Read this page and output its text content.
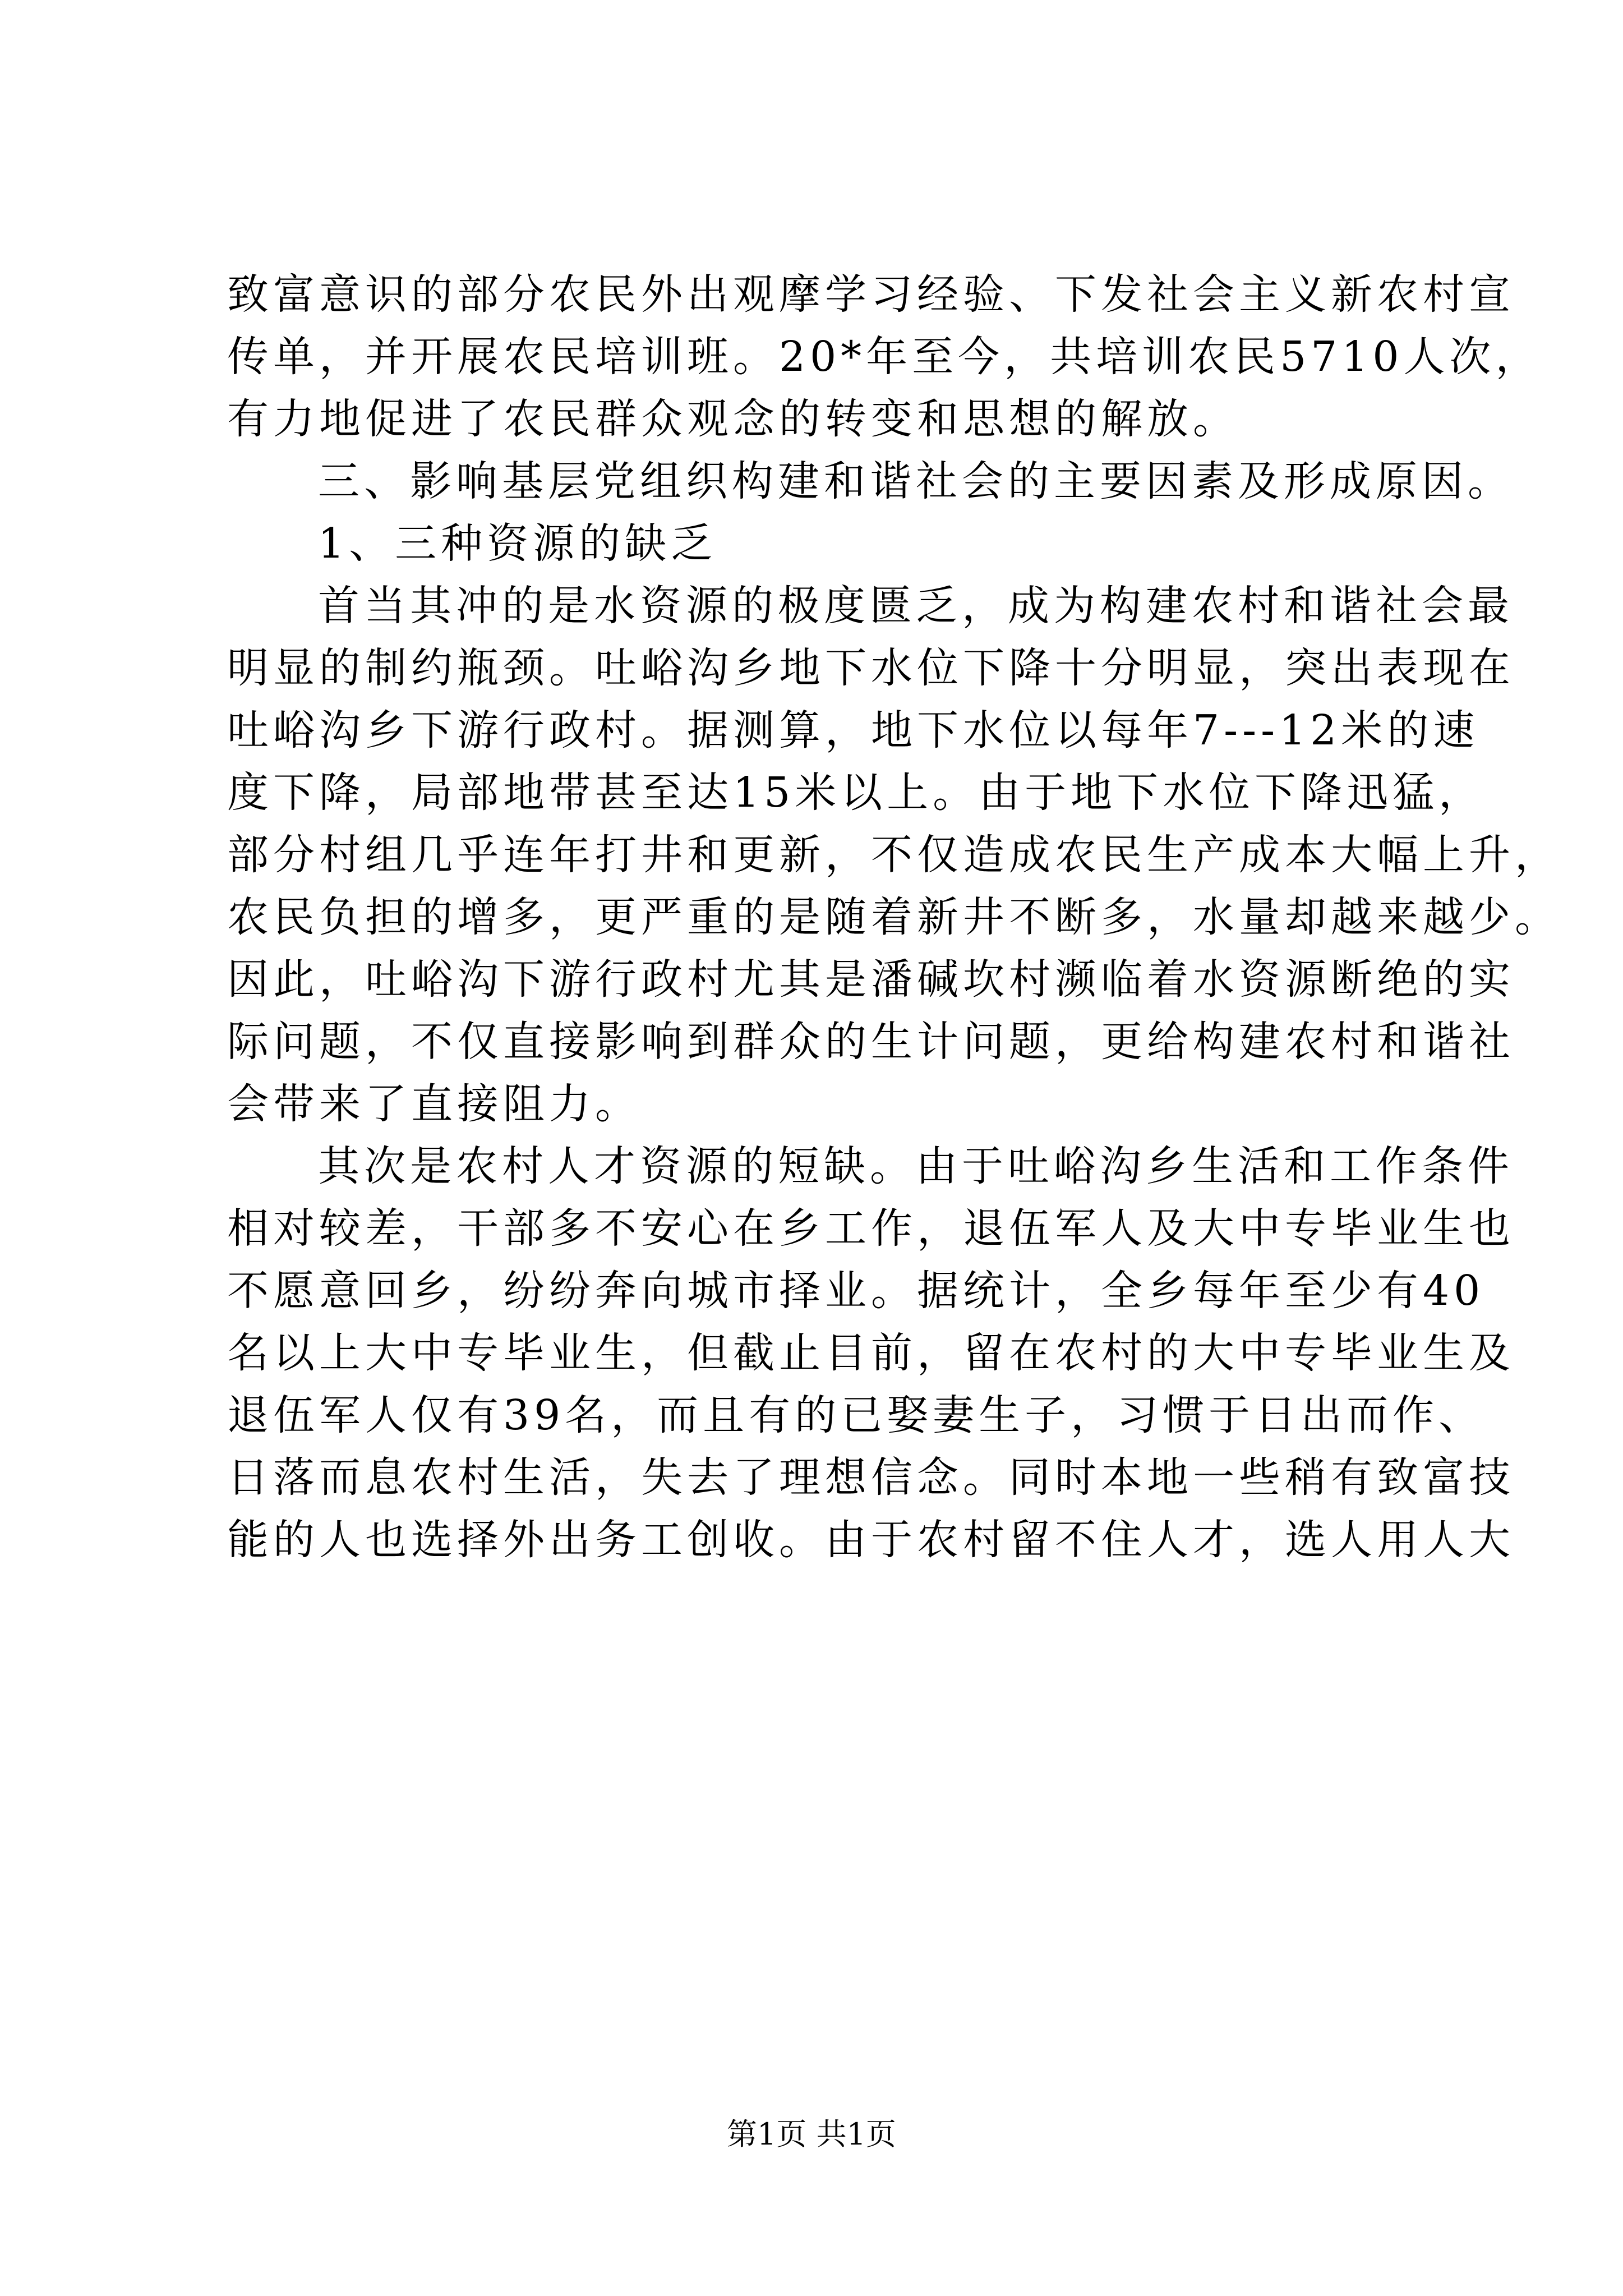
致富意识的部分农民外出观摩学习经验、下发社会主义新农村宣
传单，并开展农民培训班。20*年至今，共培训农民5710人次，
有力地促进了农民群众观念的转变和思想的解放。
三、影响基层党组织构建和谐社会的主要因素及形成原因。
1、三种资源的缺乏
首当其冲的是水资源的极度匮乏，成为构建农村和谐社会最
明显的制约瓶颈。吐峪沟乡地下水位下降十分明显，突出表现在
吐峪沟乡下游行政村。据测算，地下水位以每年7---12米的速
度下降，局部地带甚至达15米以上。由于地下水位下降迅猛，
部分村组几乎连年打井和更新，不仅造成农民生产成本大幅上升，
农民负担的增多，更严重的是随着新井不断多，水量却越来越少。
因此，吐峪沟下游行政村尤其是潘碱坎村濒临着水资源断绝的实
际问题，不仅直接影响到群众的生计问题，更给构建农村和谐社
会带来了直接阻力。
其次是农村人才资源的短缺。由于吐峪沟乡生活和工作条件
相对较差，干部多不安心在乡工作，退伍军人及大中专毕业生也
不愿意回乡，纷纷奔向城市择业。据统计，全乡每年至少有40
名以上大中专毕业生，但截止目前，留在农村的大中专毕业生及
退伍军人仅有39名，而且有的已娶妻生子，习惯于日出而作、
日落而息农村生活，失去了理想信念。同时本地一些稍有致富技
能的人也选择外出务工创收。由于农村留不住人才，选人用人大
第1页 共1页
